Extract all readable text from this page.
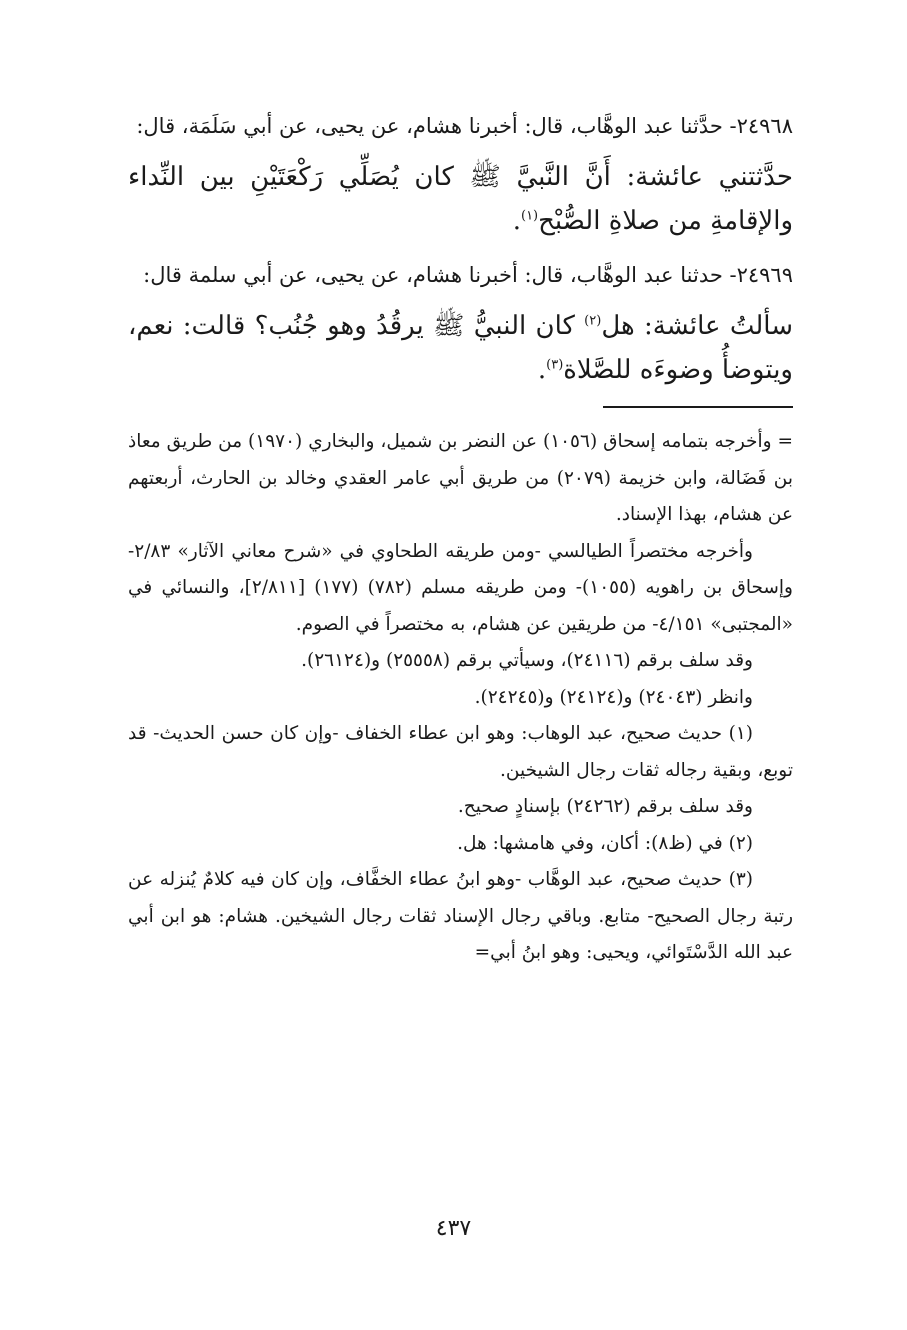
٢٤٩٦٨- حدَّثنا عبد الوهَّاب، قال: أخبرنا هشام، عن يحيى، عن أبي سَلَمَة، قال:

حدَّثتني عائشة: أَنَّ النَّبيَّ ﷺ كان يُصَلِّي رَكْعَتَيْنِ بين النِّداء والإقامةِ من صلاةِ الصُّبْح$^{(١)}$.

٢٤٩٦٩- حدثنا عبد الوهَّاب، قال: أخبرنا هشام، عن يحيى، عن أبي سلمة قال:

سألتُ عائشة: هل$^{(٢)}$ كان النبيُّ ﷺ يرقُدُ وهو جُنُب؟ قالت: نعم، ويتوضأُ وضوءَه للصَّلاة$^{(٣)}$.

= وأخرجه بتمامه إسحاق (١٠٥٦) عن النضر بن شميل، والبخاري (١٩٧٠) من طريق معاذ بن فَضَالة، وابن خزيمة (٢٠٧٩) من طريق أبي عامر العقدي وخالد بن الحارث، أربعتهم عن هشام، بهذا الإسناد.

وأخرجه مختصراً الطيالسي -ومن طريقه الطحاوي في «شرح معاني الآثار» ٢/٨٣- وإسحاق بن راهويه (١٠٥٥)- ومن طريقه مسلم (٧٨٢) (١٧٧) [٢/٨١١]، والنسائي في «المجتبى» ٤/١٥١- من طريقين عن هشام، به مختصراً في الصوم.

وقد سلف برقم (٢٤١١٦)، وسيأتي برقم (٢٥٥٥٨) و(٢٦١٢٤).

وانظر (٢٤٠٤٣) و(٢٤١٢٤) و(٢٤٢٤٥).

(١) حديث صحيح، عبد الوهاب: وهو ابن عطاء الخفاف -وإن كان حسن الحديث- قد توبع، وبقية رجاله ثقات رجال الشيخين.

وقد سلف برقم (٢٤٢٦٢) بإسنادٍ صحيح.

(٢) في (ظ٨): أكان، وفي هامشها: هل.

(٣) حديث صحيح، عبد الوهَّاب -وهو ابنُ عطاء الخفَّاف، وإن كان فيه كلامٌ يُنزله عن رتبة رجال الصحيح- متابع. وباقي رجال الإسناد ثقات رجال الشيخين. هشام: هو ابن أبي عبد الله الدَّسْتَوائي، ويحيى: وهو ابنُ أبي=

٤٣٧
